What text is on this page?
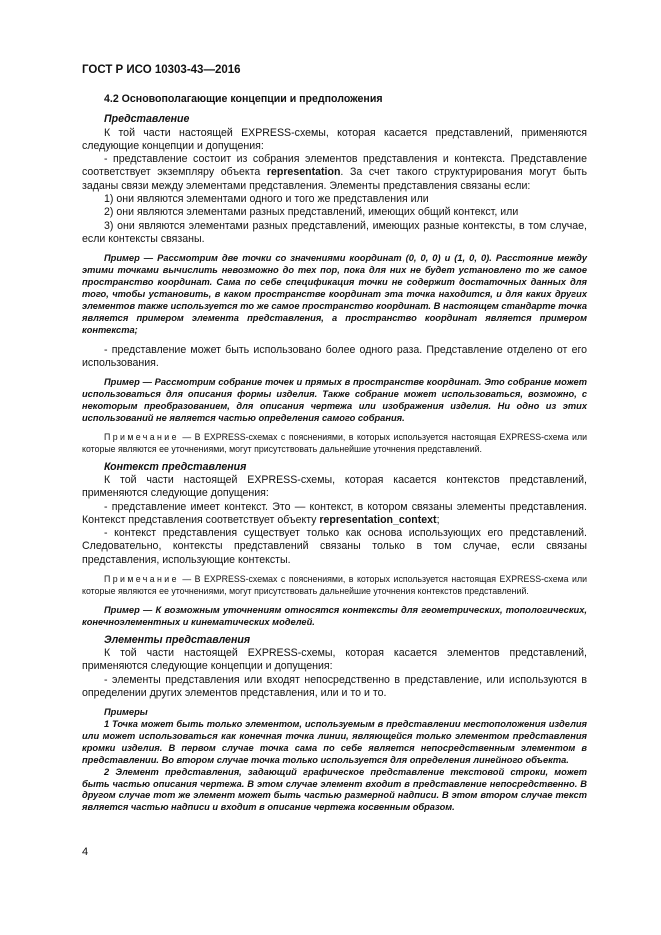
ГОСТ Р ИСО 10303-43—2016

4.2 Основополагающие концепции и предположения

Представление

К той части настоящей EXPRESS-схемы, которая касается представлений, применяются следующие концепции и допущения:

- представление состоит из собрания элементов представления и контекста. Представление соответствует экземпляру объекта representation. За счет такого структурирования могут быть заданы связи между элементами представления. Элементы представления связаны если:

1) они являются элементами одного и того же представления или

2) они являются элементами разных представлений, имеющих общий контекст, или

3) они являются элементами разных представлений, имеющих разные контексты, в том случае, если контексты связаны.

Пример — Рассмотрим две точки со значениями координат (0, 0, 0) и (1, 0, 0). Расстояние между этими точками вычислить невозможно до тех пор, пока для них не будет установлено то же самое пространство координат. Сама по себе спецификация точки не содержит достаточных данных для того, чтобы установить, в каком пространстве координат эта точка находится, и для каких других элементов также используется то же самое пространство координат. В настоящем стандарте точка является примером элемента представления, а пространство координат является примером контекста;

- представление может быть использовано более одного раза. Представление отделено от его использования.

Пример — Рассмотрим собрание точек и прямых в пространстве координат. Это собрание может использоваться для описания формы изделия. Также собрание может использоваться, возможно, с некоторым преобразованием, для описания чертежа или изображения изделия. Ни одно из этих использований не является частью определения самого собрания.

Примечание — В EXPRESS-схемах с пояснениями, в которых используется настоящая EXPRESS-схема или которые являются ее уточнениями, могут присутствовать дальнейшие уточнения представлений.

Контекст представления

К той части настоящей EXPRESS-схемы, которая касается контекстов представлений, применяются следующие допущения:

- представление имеет контекст. Это — контекст, в котором связаны элементы представления. Контекст представления соответствует объекту representation_context;

- контекст представления существует только как основа использующих его представлений. Следовательно, контексты представлений связаны только в том случае, если связаны представления, использующие контексты.

Примечание — В EXPRESS-схемах с пояснениями, в которых используется настоящая EXPRESS-схема или которые являются ее уточнениями, могут присутствовать дальнейшие уточнения контекстов представлений.

Пример — К возможным уточнениям относятся контексты для геометрических, топологических, конечноэлементных и кинематических моделей.

Элементы представления

К той части настоящей EXPRESS-схемы, которая касается элементов представлений, применяются следующие концепции и допущения:

- элементы представления или входят непосредственно в представление, или используются в определении других элементов представления, или и то и то.

Примеры

1 Точка может быть только элементом, используемым в представлении местоположения изделия или может использоваться как конечная точка линии, являющейся только элементом представления кромки изделия. В первом случае точка сама по себе является непосредственным элементом в представлении. Во втором случае точка только используется для определения линейного объекта.

2 Элемент представления, задающий графическое представление текстовой строки, может быть частью описания чертежа. В этом случае элемент входит в представление непосредственно. В другом случае тот же элемент может быть частью размерной надписи. В этом втором случае текст является частью надписи и входит в описание чертежа косвенным образом.

4
